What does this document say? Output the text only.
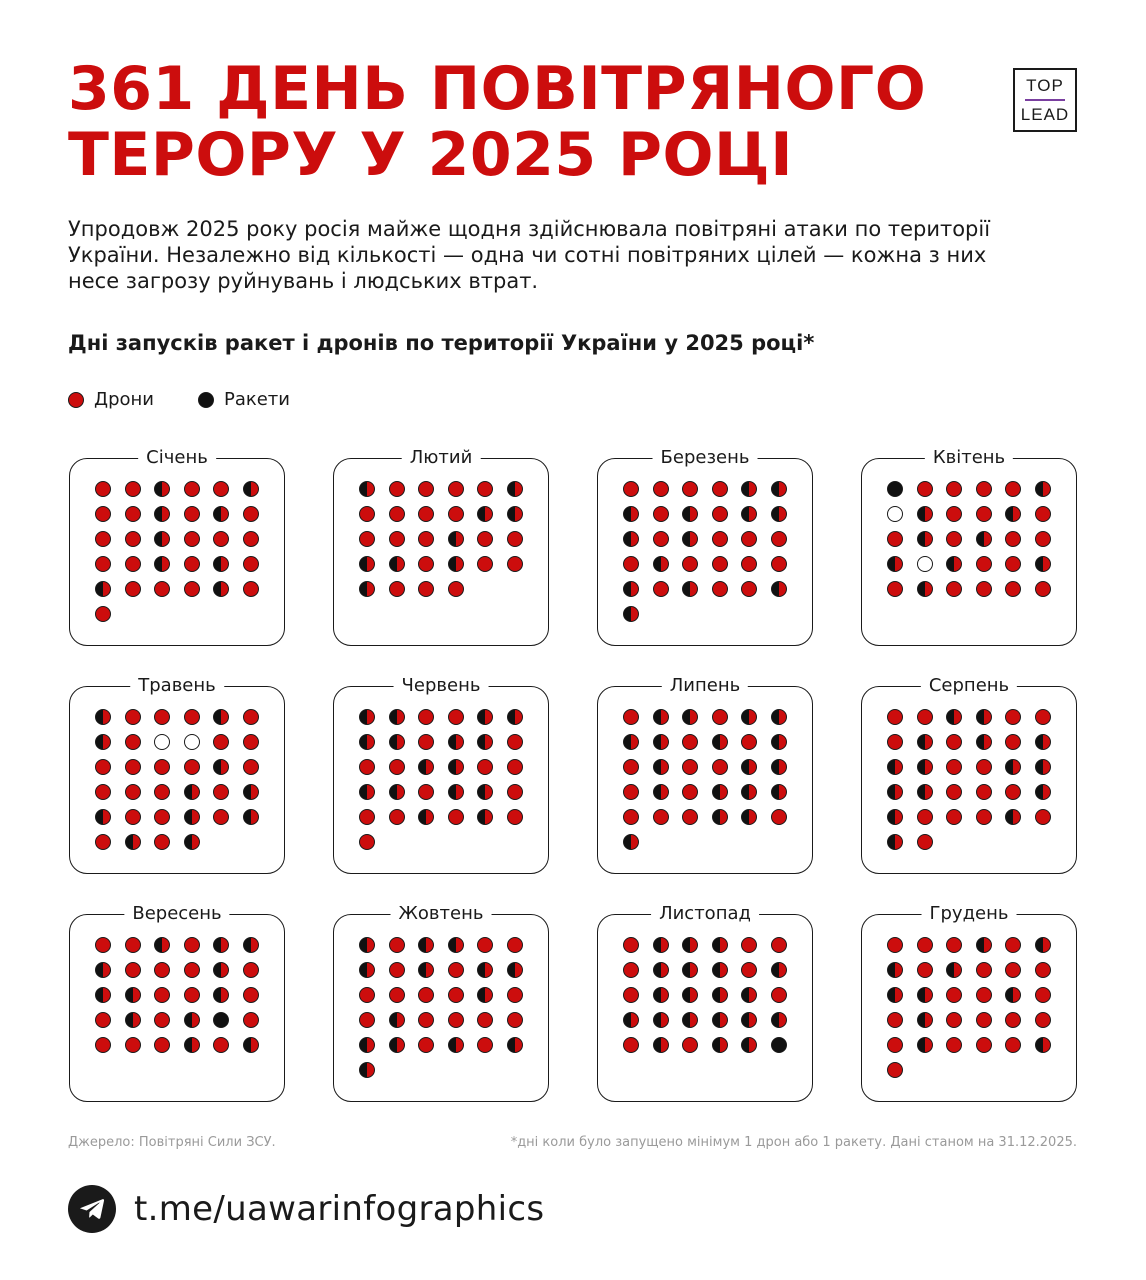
361 ДЕНЬ ПОВІТРЯНОГО
ТЕРОРУ У 2025 РОЦІ
TOP
LEAD

Упродовж 2025 року росія майже щодня здійснювала повітряні атаки по території України. Незалежно від кількості — одна чи сотні повітряних цілей — кожна з них несе загрозу руйнувань і людських втрат.

Дні запусків ракет і дронів по території України у 2025 році*
Дрони	Ракети
Січень	Лютий	Березень	Квітень
Травень	Червень	Липень	Серпень
Вересень	Жовтень	Листопад	Грудень
Джерело: Повітряні Сили ЗСУ.	*дні коли було запущено мінімум 1 дрон або 1 ракету. Дані станом на 31.12.2025.
t.me/uawarinfographics
